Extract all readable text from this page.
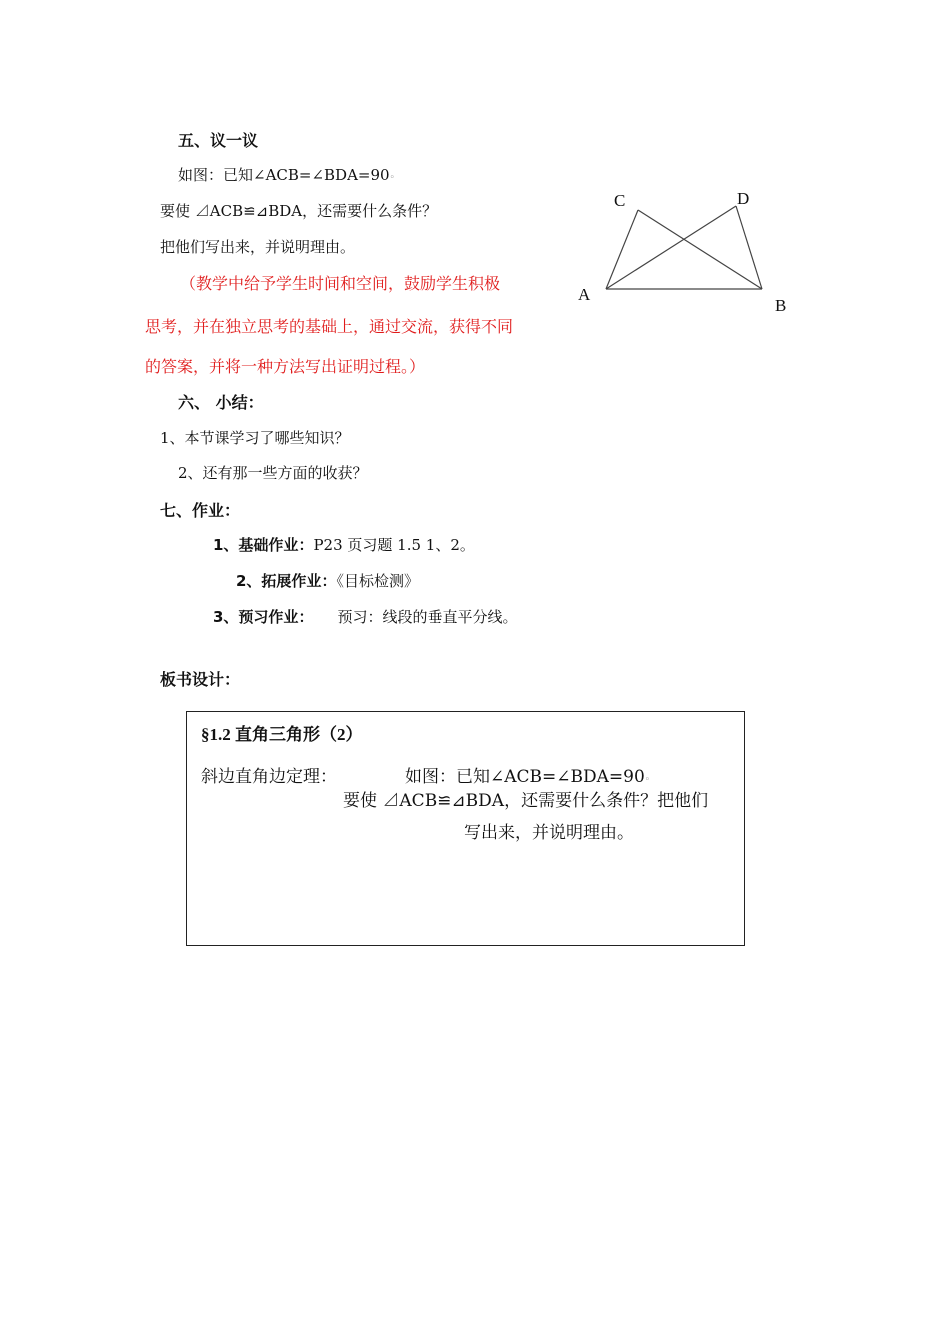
五、议一议
如图：已知∠ACB=∠BDA=90◦
要使 ⊿ACB≌⊿BDA，还需要什么条件？
把他们写出来，并说明理由。
（教学中给予学生时间和空间，鼓励学生积极
思考，并在独立思考的基础上，通过交流，获得不同
的答案，并将一种方法写出证明过程。）
C	D
A
B
六、 小结：
1、本节课学习了哪些知识？
2、还有那一些方面的收获？
七、作业：
1、基础作业：P23 页习题 1.5 1、2。
2、拓展作业：《目标检测》
3、预习作业： 预习：线段的垂直平分线。
板书设计：
§1.2 直角三角形（2）
斜边直角边定理：	如图：已知∠ACB=∠BDA=90◦
要使 ⊿ACB≌⊿BDA，还需要什么条件？把他们
写出来，并说明理由。
